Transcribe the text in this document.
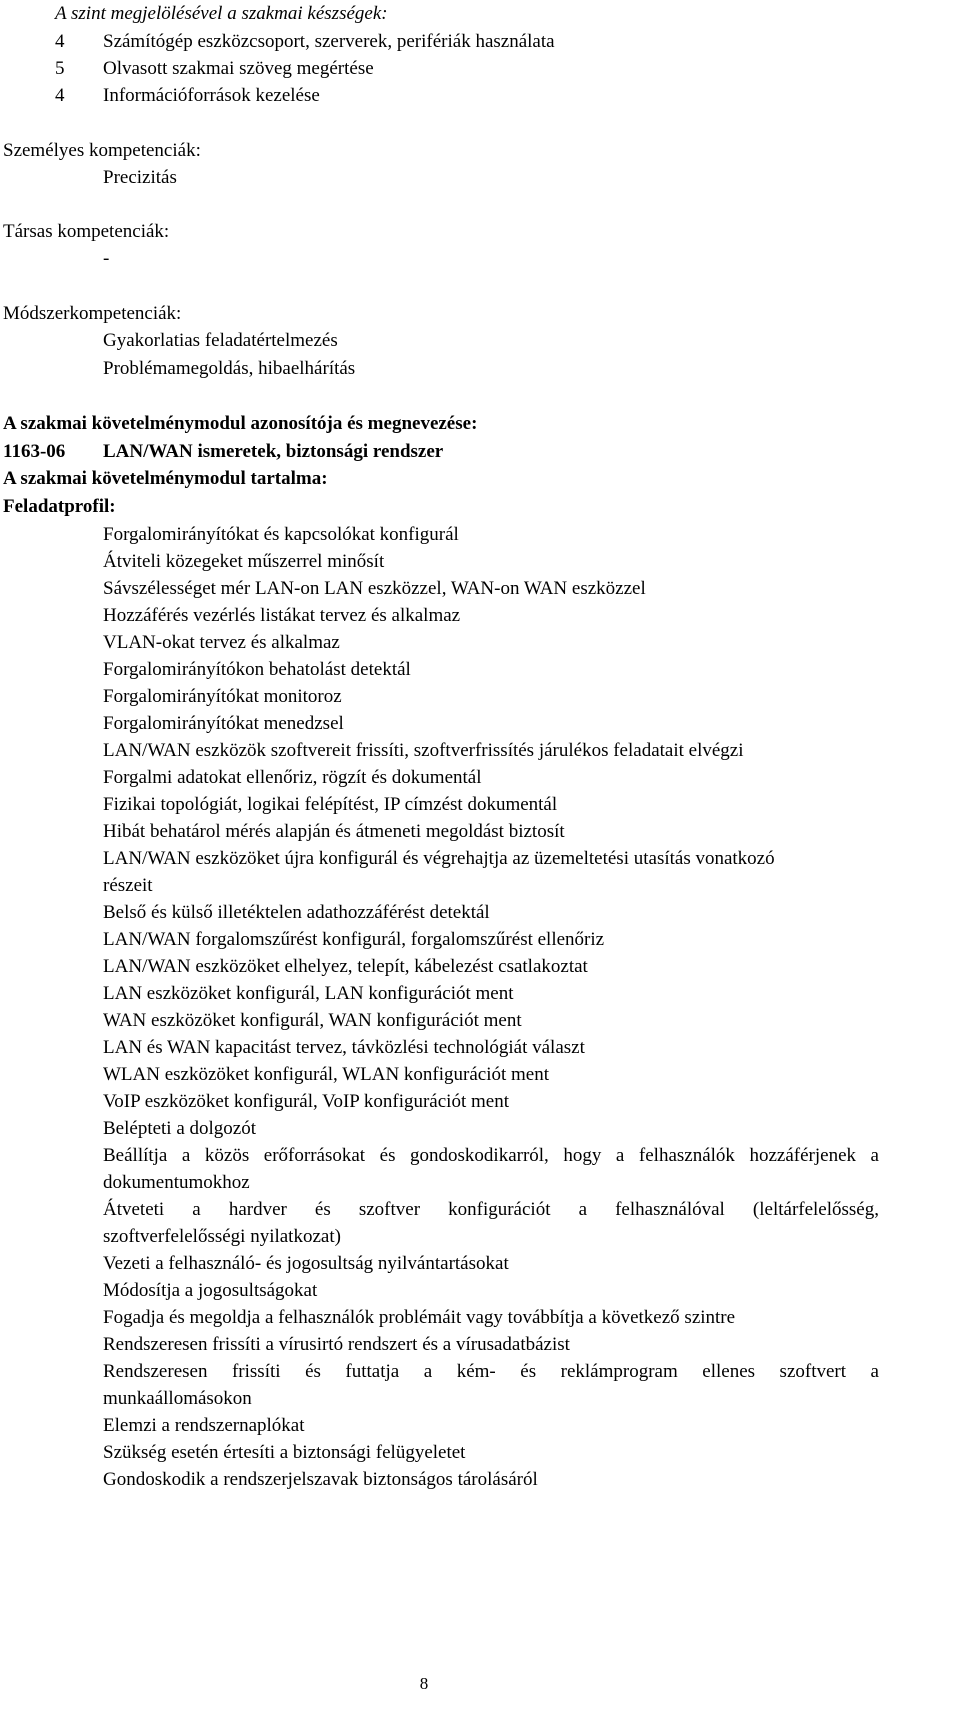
A szint megjelölésével a szakmai készségek:
4 Számítógép eszközcsoport, szerverek, perifériák használata
5 Olvasott szakmai szöveg megértése
4 Információforrások kezelése
Személyes kompetenciák:
Precizitás
Társas kompetenciák:
-
Módszerkompetenciák:
Gyakorlatias feladatértelmezés
Problémamegoldás, hibaelhárítás
A szakmai követelménymodul azonosítója és megnevezése:
1163-06 LAN/WAN ismeretek, biztonsági rendszer
A szakmai követelménymodul tartalma:
Feladatprofil:
Forgalomirányítókat és kapcsolókat konfigurál
Átviteli közegeket műszerrel minősít
Sávszélességet mér LAN-on LAN eszközzel, WAN-on WAN eszközzel
Hozzáférés vezérlés listákat tervez és alkalmaz
VLAN-okat tervez és alkalmaz
Forgalomirányítókon behatolást detektál
Forgalomirányítókat monitoroz
Forgalomirányítókat menedzsel
LAN/WAN eszközök szoftvereit frissíti, szoftverfrissítés járulékos feladatait elvégzi
Forgalmi adatokat ellenőriz, rögzít és dokumentál
Fizikai topológiát, logikai felépítést, IP címzést dokumentál
Hibát behatárol mérés alapján és átmeneti megoldást biztosít
LAN/WAN eszközöket újra konfigurál és végrehajtja az üzemeltetési utasítás vonatkozó
részeit
Belső és külső illetéktelen adathozzáférést detektál
LAN/WAN forgalomszűrést konfigurál, forgalomszűrést ellenőriz
LAN/WAN eszközöket elhelyez, telepít, kábelezést csatlakoztat
LAN eszközöket konfigurál, LAN konfigurációt ment
WAN eszközöket konfigurál, WAN konfigurációt ment
LAN és WAN kapacitást tervez, távközlési technológiát választ
WLAN eszközöket konfigurál, WLAN konfigurációt ment
VoIP eszközöket konfigurál, VoIP konfigurációt ment
Belépteti a dolgozót
Beállítja a közös erőforrásokat és gondoskodikarról, hogy a felhasználók hozzáférjenek a
dokumentumokhoz
Átveteti a hardver és szoftver konfigurációt a felhasználóval (leltárfelelősség,
szoftverfelelősségi nyilatkozat)
Vezeti a felhasználó- és jogosultság nyilvántartásokat
Módosítja a jogosultságokat
Fogadja és megoldja a felhasználók problémáit vagy továbbítja a következő szintre
Rendszeresen frissíti a vírusirtó rendszert és a vírusadatbázist
Rendszeresen frissíti és futtatja a kém- és reklámprogram ellenes szoftvert a
munkaállomásokon
Elemzi a rendszernaplókat
Szükség esetén értesíti a biztonsági felügyeletet
Gondoskodik a rendszerjelszavak biztonságos tárolásáról
8
